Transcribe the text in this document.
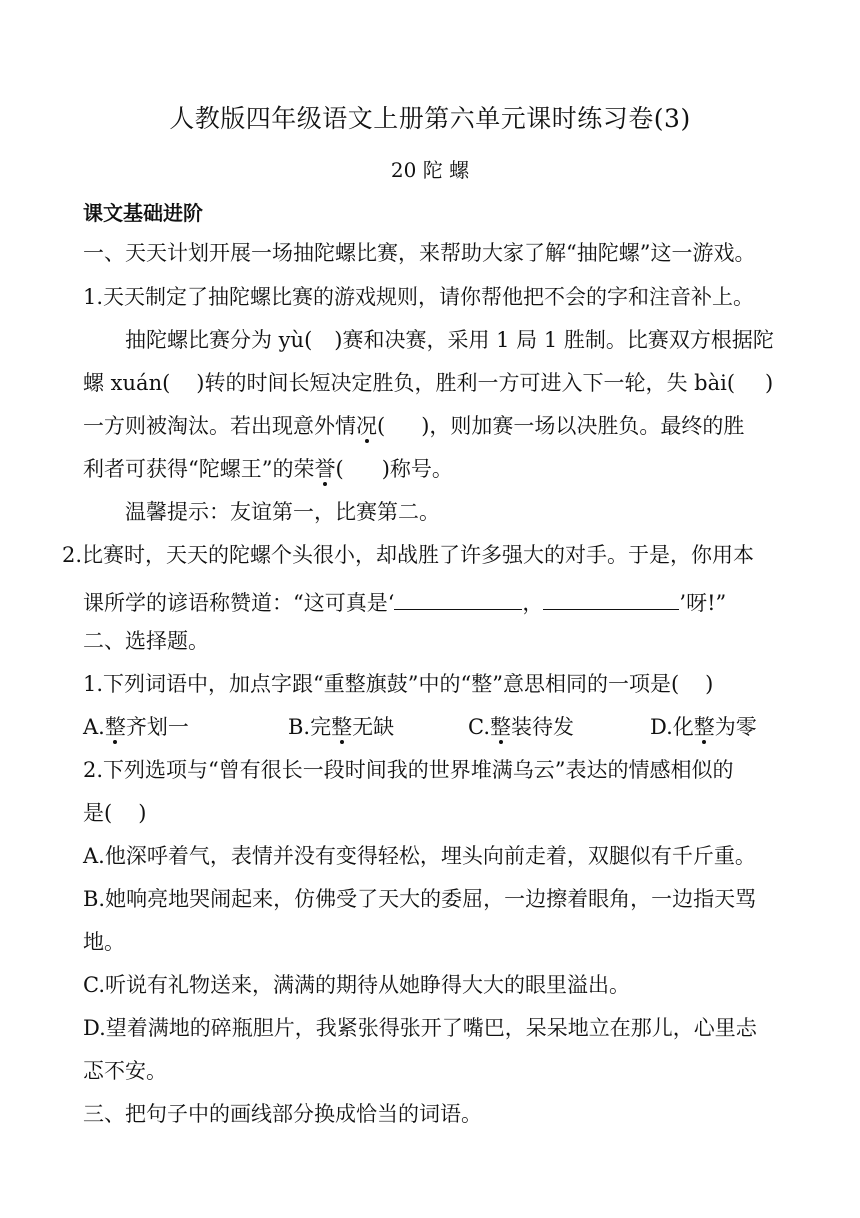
人教版四年级语文上册第六单元课时练习卷(3)
20 陀 螺
课文基础进阶
一、天天计划开展一场抽陀螺比赛，来帮助大家了解“抽陀螺”这一游戏。
1.天天制定了抽陀螺比赛的游戏规则，请你帮他把不会的字和注音补上。
抽陀螺比赛分为 yù( )赛和决赛，采用 1 局 1 胜制。比赛双方根据陀
螺 xuán( )转的时间长短决定胜负，胜利一方可进入下一轮，失 bài( )
一方则被淘汰。若出现意外情况( )，则加赛一场以决胜负。最终的胜
利者可获得“陀螺王”的荣誉( )称号。
温馨提示：友谊第一，比赛第二。
2.比赛时，天天的陀螺个头很小，却战胜了许多强大的对手。于是，你用本
课所学的谚语称赞道：“这可真是‘	，	’呀!”
二、选择题。
1.下列词语中，加点字跟“重整旗鼓”中的“整”意思相同的一项是( )
A.整齐划一	B.完整无缺	C.整装待发	D.化整为零
2.下列选项与“曾有很长一段时间我的世界堆满乌云”表达的情感相似的
是( )
A.他深呼着气，表情并没有变得轻松，埋头向前走着，双腿似有千斤重。
B.她响亮地哭闹起来，仿佛受了天大的委屈，一边擦着眼角，一边指天骂
地。
C.听说有礼物送来，满满的期待从她睁得大大的眼里溢出。
D.望着满地的碎瓶胆片，我紧张得张开了嘴巴，呆呆地立在那儿，心里忐
忑不安。
三、把句子中的画线部分换成恰当的词语。
